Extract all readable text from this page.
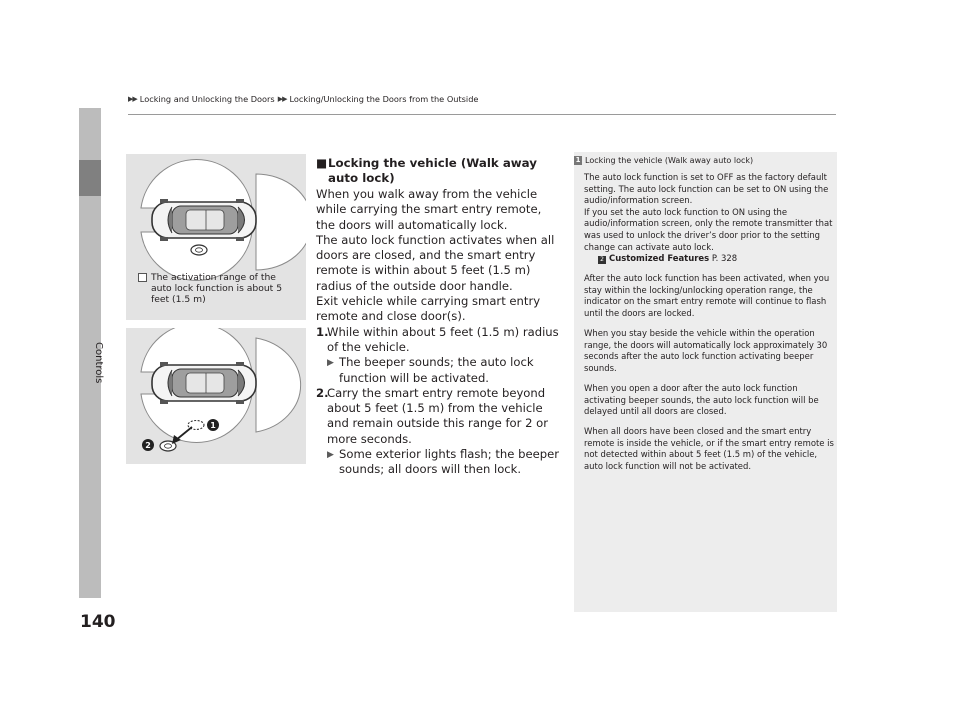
Controls
140
▶▶ Locking and Unlocking the Doors ▶▶ Locking/Unlocking the Doors from the Outside
The activation range of the auto lock function is about 5 feet (1.5 m)
1
2
■ Locking the vehicle (Walk away auto lock)

When you walk away from the vehicle while carrying the smart entry remote, the doors will automatically lock.

The auto lock function activates when all doors are closed, and the smart entry remote is within about 5 feet (1.5 m) radius of the outside door handle.

Exit vehicle while carrying smart entry remote and close door(s).

1.
While within about 5 feet (1.5 m) radius of the vehicle.
▶ The beeper sounds; the auto lock function will be activated.
2.
Carry the smart entry remote beyond about 5 feet (1.5 m) from the vehicle and remain outside this range for 2 or more seconds.
▶ Some exterior lights flash; the beeper sounds; all doors will then lock.
1 Locking the vehicle (Walk away auto lock)

The auto lock function is set to OFF as the factory default setting. The auto lock function can be set to ON using the audio/information screen.
If you set the auto lock function to ON using the audio/information screen, only the remote transmitter that was used to unlock the driver’s door prior to the setting change can activate auto lock.
2 Customized Features P. 328

After the auto lock function has been activated, when you stay within the locking/unlocking operation range, the indicator on the smart entry remote will continue to flash until the doors are locked.

When you stay beside the vehicle within the operation range, the doors will automatically lock approximately 30 seconds after the auto lock function activating beeper sounds.

When you open a door after the auto lock function activating beeper sounds, the auto lock function will be delayed until all doors are closed.

When all doors have been closed and the smart entry remote is inside the vehicle, or if the smart entry remote is not detected within about 5 feet (1.5 m) of the vehicle, auto lock function will not be activated.
